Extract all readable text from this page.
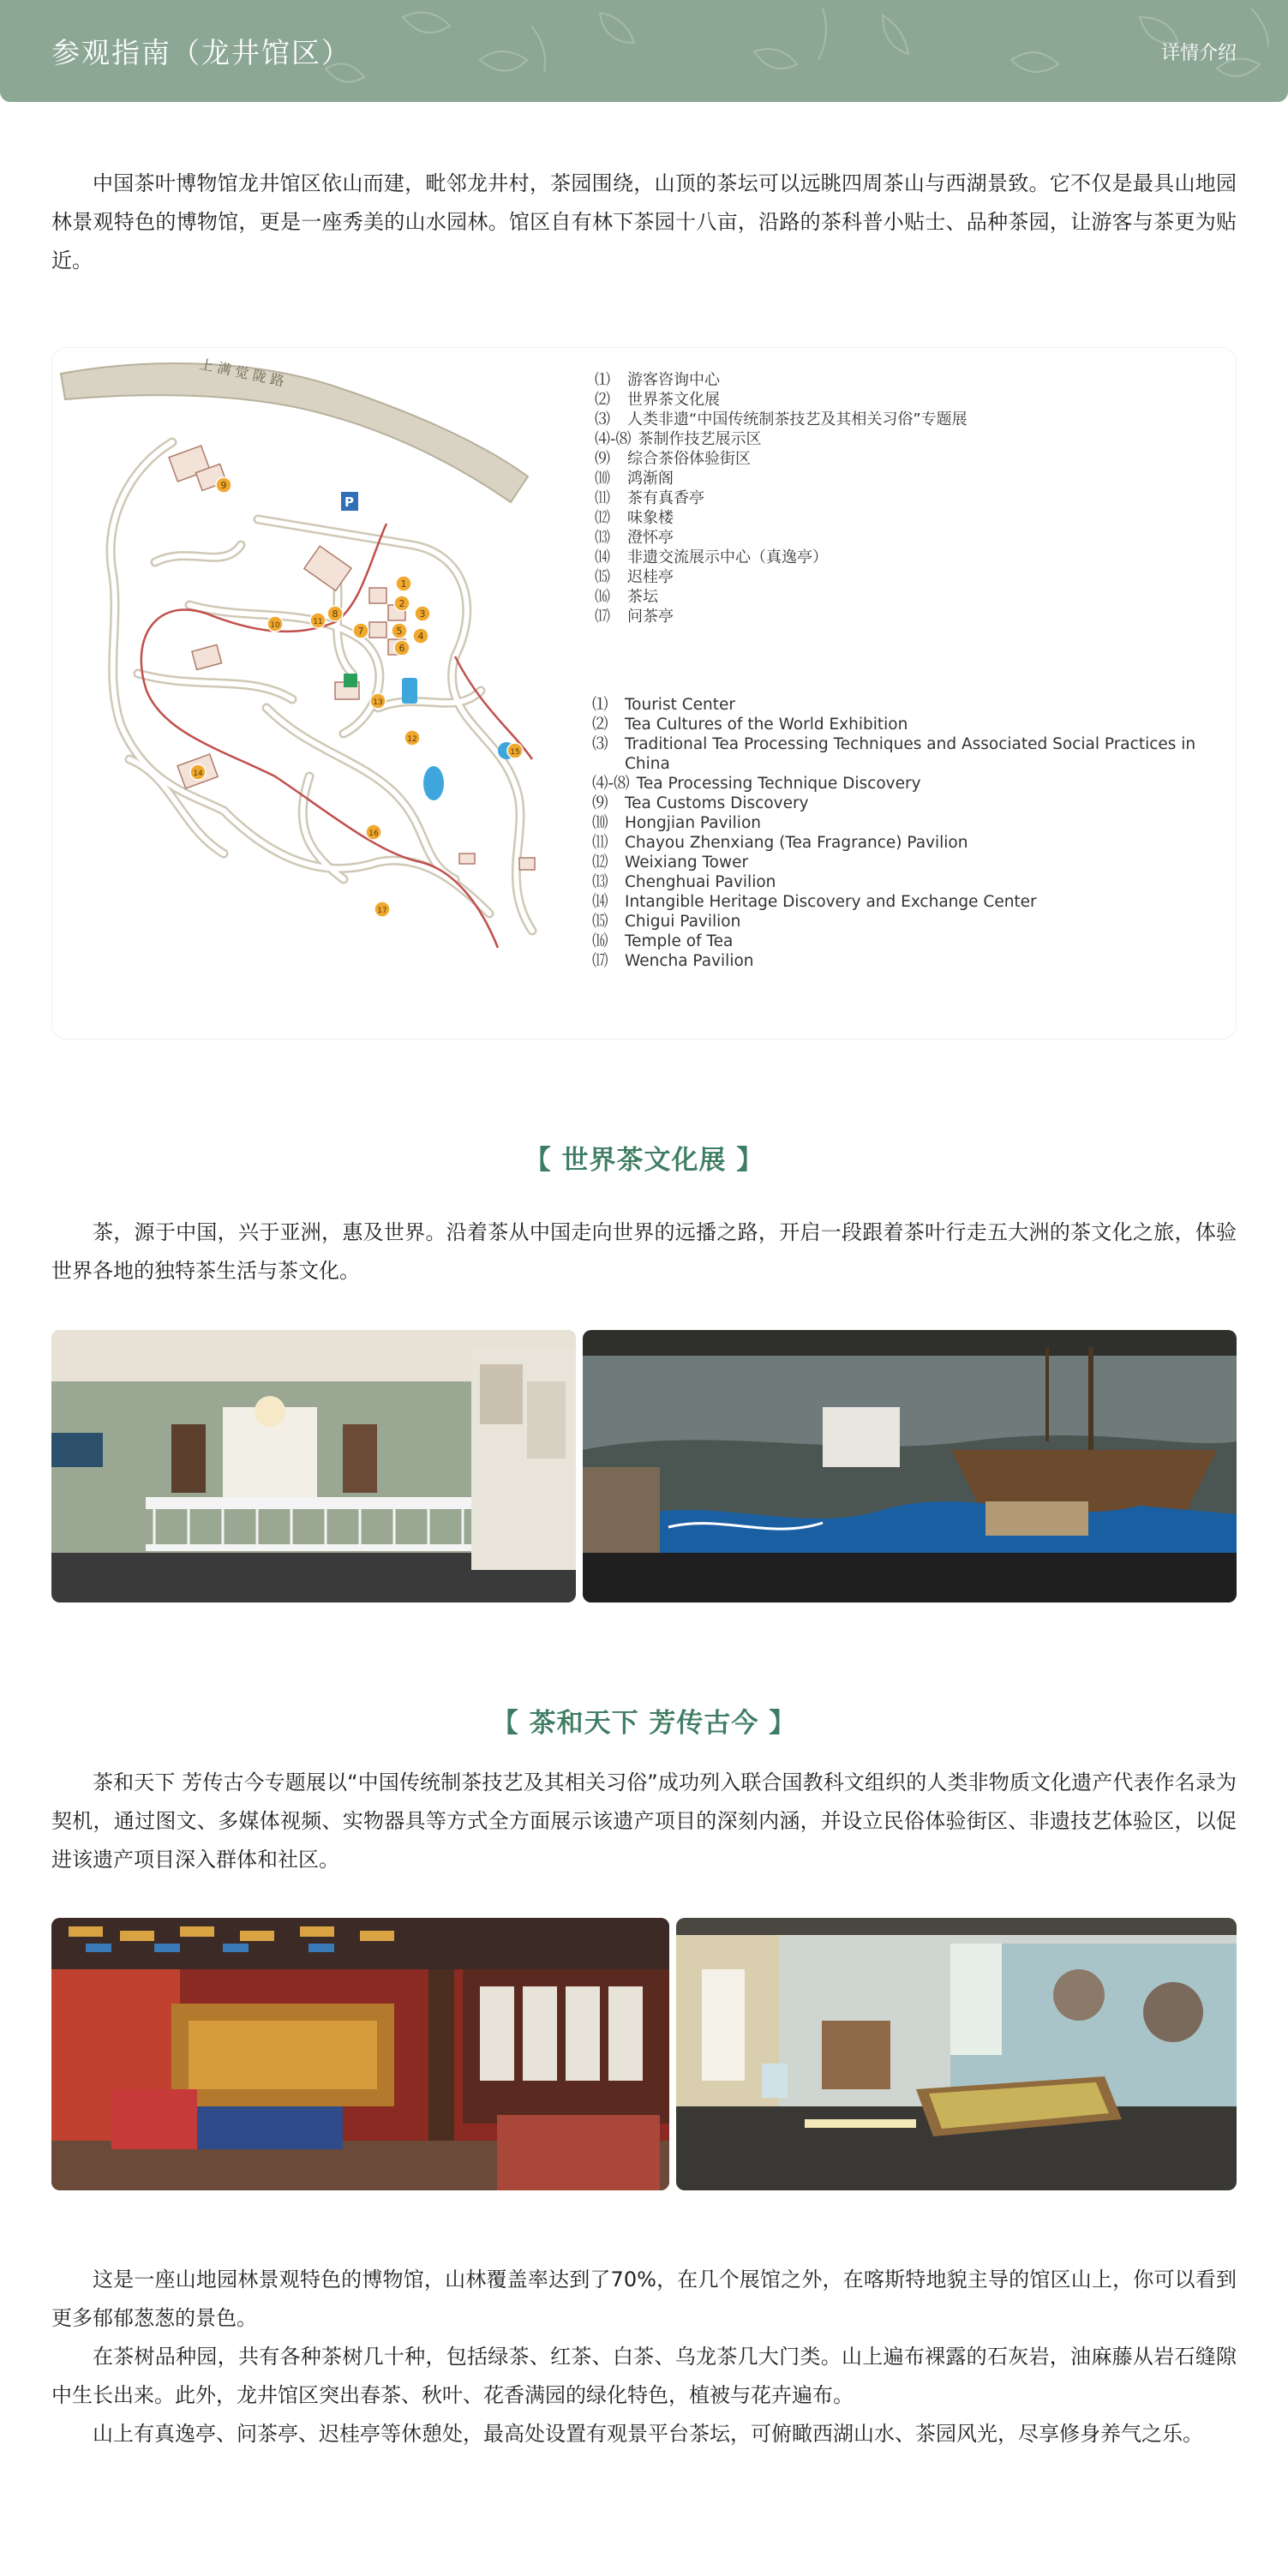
参观指南（龙井馆区）	详情介绍

中国茶叶博物馆龙井馆区依山而建，毗邻龙井村，茶园围绕，山顶的茶坛可以远眺四周茶山与西湖景致。它不仅是最具山地园林景观特色的博物馆，更是一座秀美的山水园林。馆区自有林下茶园十八亩，沿路的茶科普小贴士、品种茶园，让游客与茶更为贴近。

上 满 觉 陇 路
P
1
2
3
4
5
6
7
8
9
10	11
12
13
14
15
16
17
⑴	游客咨询中心
⑵	世界茶文化展
⑶	人类非遗“中国传统制茶技艺及其相关习俗”专题展
⑷-⑻ 茶制作技艺展示区
⑼	综合茶俗体验街区
⑽	鸿渐阁
⑾	茶有真香亭
⑿	味象楼
⒀	澄怀亭
⒁	非遗交流展示中心（真逸亭）
⒂	迟桂亭
⒃	茶坛
⒄	问茶亭
⑴	Tourist Center
⑵	Tea Cultures of the World Exhibition
⑶	Traditional Tea Processing Techniques and Associated Social Practices in China
⑷-⑻ Tea Processing Technique Discovery
⑼	Tea Customs Discovery
⑽	Hongjian Pavilion
⑾	Chayou Zhenxiang (Tea Fragrance) Pavilion
⑿	Weixiang Tower
⒀	Chenghuai Pavilion
⒁	Intangible Heritage Discovery and Exchange Center
⒂	Chigui Pavilion
⒃	Temple of Tea
⒄	Wencha Pavilion
【 世界茶文化展 】

茶，源于中国，兴于亚洲，惠及世界。沿着茶从中国走向世界的远播之路，开启一段跟着茶叶行走五大洲的茶文化之旅，体验世界各地的独特茶生活与茶文化。

【 茶和天下 芳传古今 】

茶和天下 芳传古今专题展以“中国传统制茶技艺及其相关习俗”成功列入联合国教科文组织的人类非物质文化遗产代表作名录为契机，通过图文、多媒体视频、实物器具等方式全方面展示该遗产项目的深刻内涵，并设立民俗体验街区、非遗技艺体验区，以促进该遗产项目深入群体和社区。

这是一座山地园林景观特色的博物馆，山林覆盖率达到了70%，在几个展馆之外，在喀斯特地貌主导的馆区山上，你可以看到更多郁郁葱葱的景色。

在茶树品种园，共有各种茶树几十种，包括绿茶、红茶、白茶、乌龙茶几大门类。山上遍布裸露的石灰岩，油麻藤从岩石缝隙中生长出来。此外，龙井馆区突出春茶、秋叶、花香满园的绿化特色，植被与花卉遍布。

山上有真逸亭、问茶亭、迟桂亭等休憩处，最高处设置有观景平台茶坛，可俯瞰西湖山水、茶园风光，尽享修身养气之乐。
